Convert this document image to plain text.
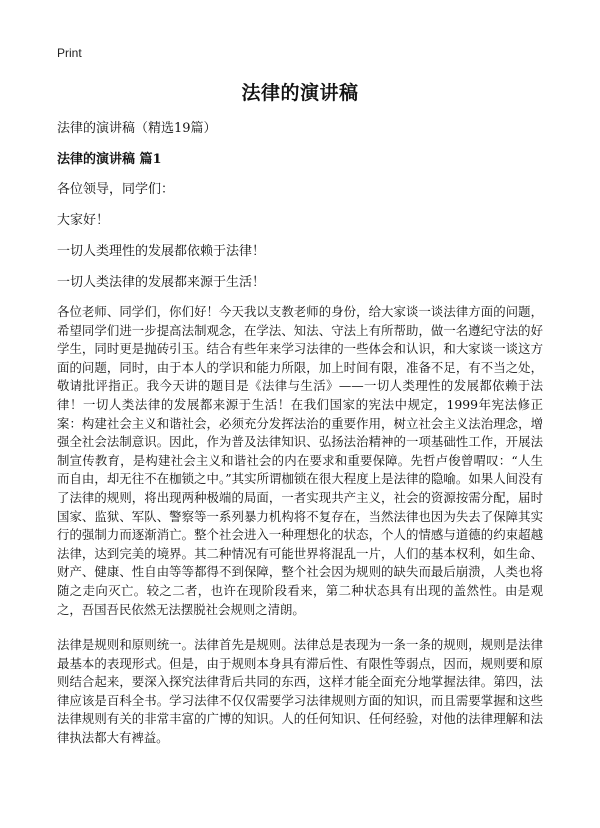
Print
法律的演讲稿

法律的演讲稿（精选19篇）

法律的演讲稿 篇1

各位领导，同学们：

大家好！

一切人类理性的发展都依赖于法律！

一切人类法律的发展都来源于生活！

各位老师、同学们，你们好！今天我以支教老师的身份，给大家谈一谈法律方面的问题，希望同学们进一步提高法制观念，在学法、知法、守法上有所帮助，做一名遵纪守法的好学生，同时更是抛砖引玉。结合有些年来学习法律的一些体会和认识，和大家谈一谈这方面的问题，同时，由于本人的学识和能力所限，加上时间有限，准备不足，有不当之处，敬请批评指正。我今天讲的题目是《法律与生活》——一切人类理性的发展都依赖于法律！一切人类法律的发展都来源于生活！在我们国家的宪法中规定，1999年宪法修正案：构建社会主义和谐社会，必须充分发挥法治的重要作用，树立社会主义法治理念，增强全社会法制意识。因此，作为普及法律知识、弘扬法治精神的一项基础性工作，开展法制宣传教育，是构建社会主义和谐社会的内在要求和重要保障。先哲卢俊曾喟叹：“人生而自由，却无往不在枷锁之中。”其实所谓枷锁在很大程度上是法律的隐喻。如果人间没有了法律的规则，将出现两种极端的局面，一者实现共产主义，社会的资源按需分配，届时国家、监狱、军队、警察等一系列暴力机构将不复存在，当然法律也因为失去了保障其实行的强制力而逐渐消亡。整个社会进入一种理想化的状态，个人的情感与道德的约束超越法律，达到完美的境界。其二种情况有可能世界将混乱一片，人们的基本权利，如生命、财产、健康、性自由等等都得不到保障，整个社会因为规则的缺失而最后崩溃，人类也将随之走向灭亡。较之二者，也许在现阶段看来，第二种状态具有出现的盖然性。由是观之，吾国吾民依然无法摆脱社会规则之清朗。

法律是规则和原则统一。法律首先是规则。法律总是表现为一条一条的规则，规则是法律最基本的表现形式。但是，由于规则本身具有滞后性、有限性等弱点，因而，规则要和原则结合起来，要深入探究法律背后共同的东西，这样才能全面充分地掌握法律。第四，法律应该是百科全书。学习法律不仅仅需要学习法律规则方面的知识，而且需要掌握和这些法律规则有关的非常丰富的广博的知识。人的任何知识、任何经验，对他的法律理解和法律执法都大有裨益。
